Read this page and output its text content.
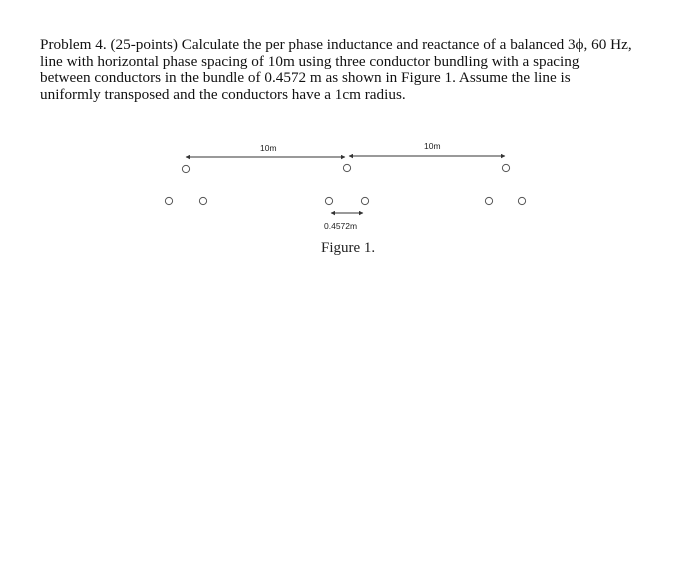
Problem 4. (25-points) Calculate the per phase inductance and reactance of a balanced 3ϕ, 60 Hz,
line with horizontal phase spacing of 10m using three conductor bundling with a spacing
between conductors in the bundle of 0.4572 m as shown in Figure 1. Assume the line is
uniformly transposed and the conductors have a 1cm radius.
10m	10m
0.4572m
Figure 1.
